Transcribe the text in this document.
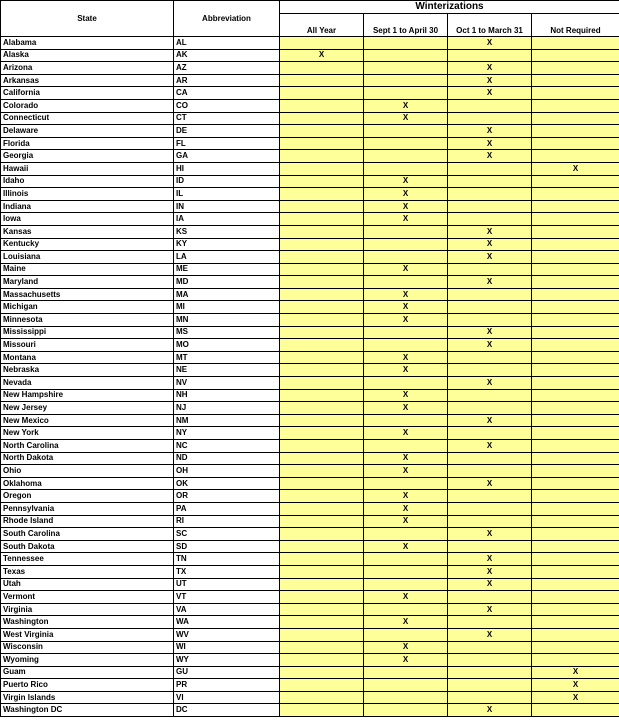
State	Abbreviation	Winterizations			
		All Year	Sept 1 to April 30	Oct 1 to March 31	Not Required
Alabama	AL			X	
Alaska	AK	X			
Arizona	AZ			X	
Arkansas	AR			X	
California	CA			X	
Colorado	CO		X		
Connecticut	CT		X		
Delaware	DE			X	
Florida	FL			X	
Georgia	GA			X	
Hawaii	HI				X
Idaho	ID		X		
Illinois	IL		X		
Indiana	IN		X		
Iowa	IA		X		
Kansas	KS			X	
Kentucky	KY			X	
Louisiana	LA			X	
Maine	ME		X		
Maryland	MD			X	
Massachusetts	MA		X		
Michigan	MI		X		
Minnesota	MN		X		
Mississippi	MS			X	
Missouri	MO			X	
Montana	MT		X		
Nebraska	NE		X		
Nevada	NV			X	
New Hampshire	NH		X		
New Jersey	NJ		X		
New Mexico	NM			X	
New York	NY		X		
North Carolina	NC			X	
North Dakota	ND		X		
Ohio	OH		X		
Oklahoma	OK			X	
Oregon	OR		X		
Pennsylvania	PA		X		
Rhode Island	RI		X		
South Carolina	SC			X	
South Dakota	SD		X		
Tennessee	TN			X	
Texas	TX			X	
Utah	UT			X	
Vermont	VT		X		
Virginia	VA			X	
Washington	WA		X		
West Virginia	WV			X	
Wisconsin	WI		X		
Wyoming	WY		X		
Guam	GU				X
Puerto Rico	PR				X
Virgin Islands	VI				X
Washington DC	DC			X	
